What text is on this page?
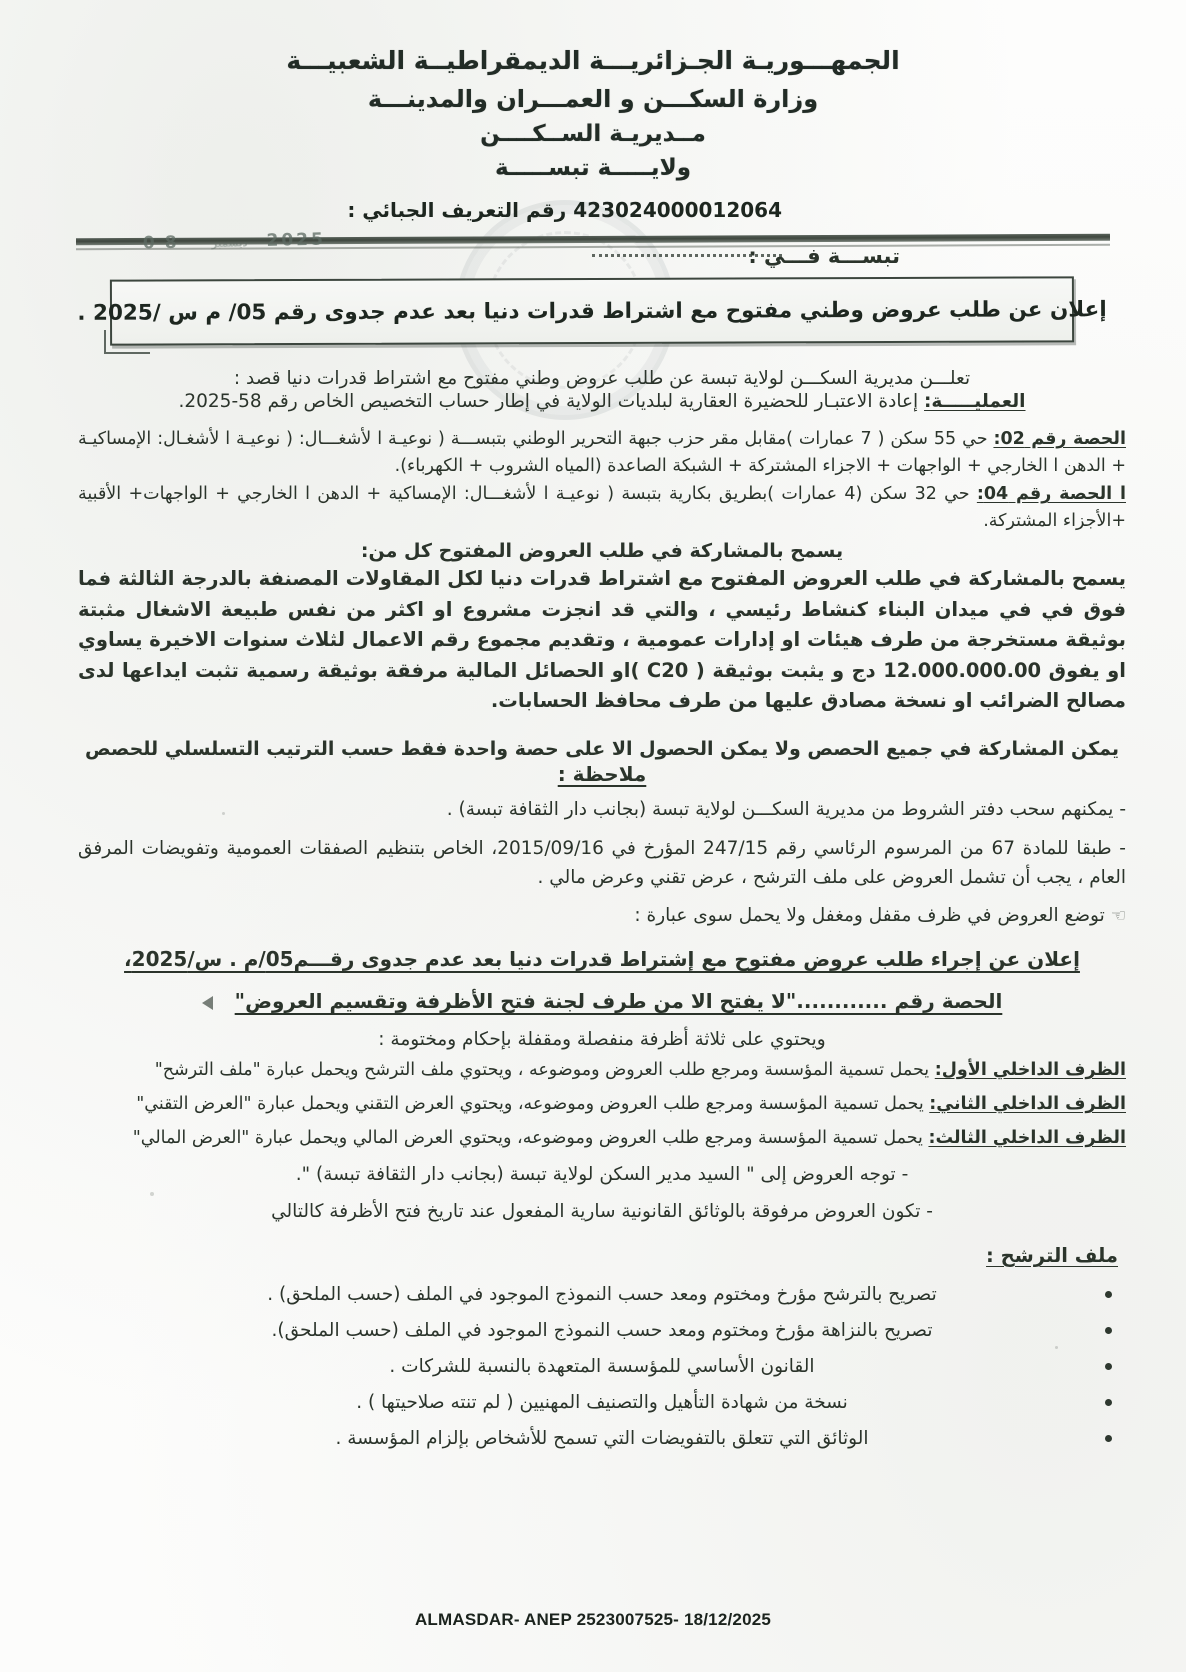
الجمهـــوريـة الجـزائريـــة الديمقراطيــة الشعبيـــة
وزارة السكـــن و العمـــران والمدينـــة
مــديريـة الســكــــن
ولايـــــة تبســـــة
423024000012064 رقم التعريف الجبائي :
تبســـة فـــي :
2025 ديسمبر 08
إعلان عن طلب عروض وطني مفتوح مع اشتراط قدرات دنيا بعد عدم جدوى رقم 05/ م س /2025 .
تعلـــن مديرية السكـــن لولاية تبسة عن طلب عروض وطني مفتوح مع اشتراط قدرات دنيا قصد :
العمليـــــة: إعادة الاعتبـار للحضيرة العقارية لبلديات الولاية في إطار حساب التخصيص الخاص رقم 58-2025.
الحصة رقم 02: حي 55 سكن ( 7 عمارات )مقابل مقر حزب جبهة التحرير الوطني بتبســـة ( نوعيـة ا لأشغـــال: ( نوعيـة ا لأشغـال: الإمساكيـة + الدهن ا الخارجي + الواجهات + الاجزاء المشتركة + الشبكة الصاعدة (المياه الشروب + الكهرباء).
ا الحصة رقم 04: حي 32 سكن (4 عمارات )بطريق بكارية بتبسة ( نوعيـة ا لأشغـــال: الإمساكية + الدهن ا الخارجي + الواجهات+ الأقبية +الأجزاء المشتركة.
يسمح بالمشاركة في طلب العروض المفتوح كل من:
يسمح بالمشاركة في طلب العروض المفتوح مع اشتراط قدرات دنيا لكل المقاولات المصنفة بالدرجة الثالثة فما فوق في في ميدان البناء كنشاط رئيسي ، والتي قد انجزت مشروع او اكثر من نفس طبيعة الاشغال مثبتة بوثيقة مستخرجة من طرف هيئات او إدارات عمومية ، وتقديم مجموع رقم الاعمال لثلاث سنوات الاخيرة يساوي او يفوق 12.000.000.00 دج و يثبت بوثيقة ( C20 )او الحصائل المالية مرفقة بوثيقة رسمية تثبت ايداعها لدى مصالح الضرائب او نسخة مصادق عليها من طرف محافظ الحسابات.
يمكن المشاركة في جميع الحصص ولا يمكن الحصول الا على حصة واحدة فقط حسب الترتيب التسلسلي للحصص
ملاحظة :
- يمكنهم سحب دفتر الشروط من مديرية السكـــن لولاية تبسة (بجانب دار الثقافة تبسة) .
- طبقا للمادة 67 من المرسوم الرئاسي رقم 247/15 المؤرخ في 2015/09/16، الخاص بتنظيم الصفقات العمومية وتفويضات المرفق العام ، يجب أن تشمل العروض على ملف الترشح ، عرض تقني وعرض مالي .
☞توضع العروض في ظرف مقفل ومغفل ولا يحمل سوى عبارة :
إعلان عن إجراء طلب عروض مفتوح مع إشتراط قدرات دنيا بعد عدم جدوى رقـــم05/م . س/2025،
الحصة رقم ............"لا يفتح الا من طرف لجنة فتح الأظرفة وتقسيم العروض"
ويحتوي على ثلاثة أظرفة منفصلة ومقفلة بإحكام ومختومة :
الظرف الداخلي الأول: يحمل تسمية المؤسسة ومرجع طلب العروض وموضوعه ، ويحتوي ملف الترشح ويحمل عبارة "ملف الترشح"
الظرف الداخلي الثاني: يحمل تسمية المؤسسة ومرجع طلب العروض وموضوعه، ويحتوي العرض التقني ويحمل عبارة "العرض التقني"
الظرف الداخلي الثالث: يحمل تسمية المؤسسة ومرجع طلب العروض وموضوعه، ويحتوي العرض المالي ويحمل عبارة "العرض المالي"
- توجه العروض إلى " السيد مدير السكن لولاية تبسة (بجانب دار الثقافة تبسة) ".
- تكون العروض مرفوقة بالوثائق القانونية سارية المفعول عند تاريخ فتح الأظرفة كالتالي
ملف الترشح :
تصريح بالترشح مؤرخ ومختوم ومعد حسب النموذج الموجود في الملف (حسب الملحق) .
تصريح بالنزاهة مؤرخ ومختوم ومعد حسب النموذج الموجود في الملف (حسب الملحق).
القانون الأساسي للمؤسسة المتعهدة بالنسبة للشركات .
نسخة من شهادة التأهيل والتصنيف المهنيين ( لم تنته صلاحيتها ) .
الوثائق التي تتعلق بالتفويضات التي تسمح للأشخاص بإلزام المؤسسة .
ALMASDAR- ANEP 2523007525- 18/12/2025
